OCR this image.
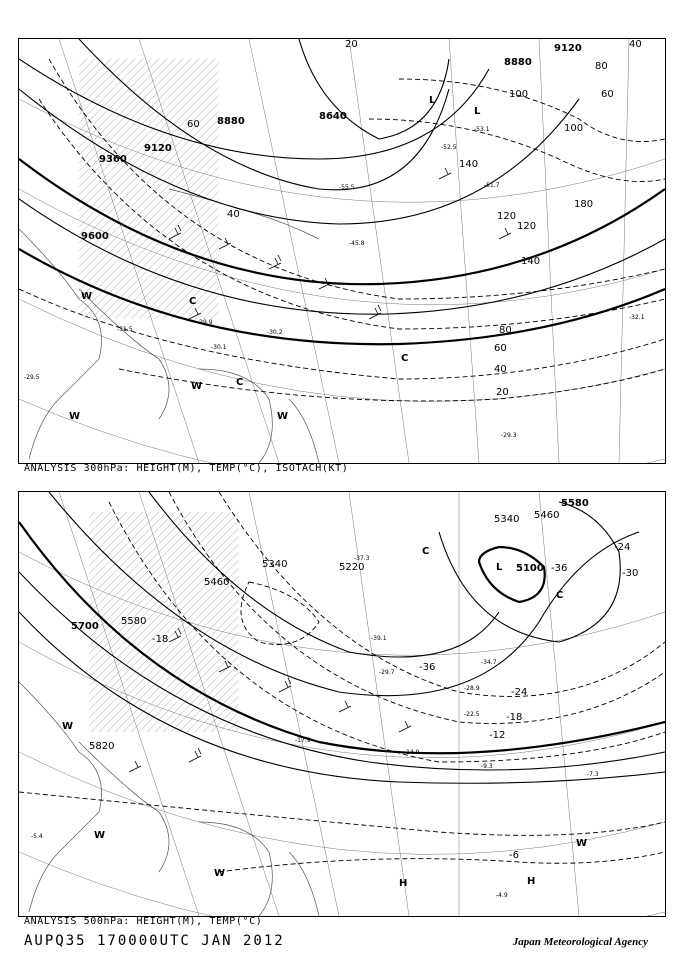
9120
8880
8640
9120
9360
9600
8880
40
80
100
120
140
180
60
100
120
140
80
60
40
20
60
40
20
-31.5
-29.9
-30.1
-30.2
-32.1
-29.5
-29.3
-45.8
-53.1
-52.5
-55.5	-51.7
L
L
W
W
W	W
C
C
C
ANALYSIS 300hPa: HEIGHT(M), TEMP(°C), ISOTACH(KT)
5580
5340 5460
5340	5220
5460
5580
5700
5820
5100
-24
-30
-36
-24
-18
-12
-6
-18
-36
-37.3
-39.1
-34.7
-28.9
-22.5
-14.9
-9.3
-7.3
-4.9
-5.4
-29.7
-17.9
L
C
C
H	H
W
W
W
W
ANALYSIS 500hPa: HEIGHT(M), TEMP(°C)
AUPQ35 170000UTC JAN 2012	Japan Meteorological Agency
